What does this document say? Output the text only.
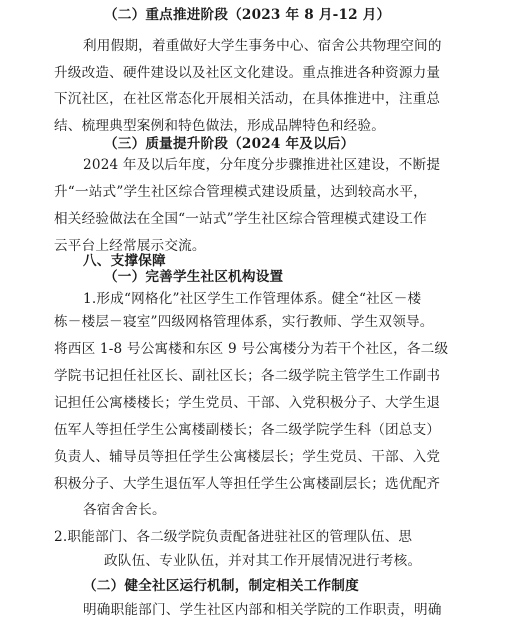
（二）重点推进阶段（2023 年 8 月-12 月）
利用假期，着重做好大学生事务中心、宿舍公共物理空间的
升级改造、硬件建设以及社区文化建设。重点推进各种资源力量
下沉社区，在社区常态化开展相关活动，在具体推进中，注重总
结、梳理典型案例和特色做法，形成品牌特色和经验。
（三）质量提升阶段（2024 年及以后）
2024 年及以后年度，分年度分步骤推进社区建设，不断提
升“一站式”学生社区综合管理模式建设质量，达到较高水平，
相关经验做法在全国“一站式”学生社区综合管理模式建设工作
云平台上经常展示交流。
八、支撑保障
（一）完善学生社区机构设置
1.形成“网格化”社区学生工作管理体系。健全“社区－楼
栋－楼层－寝室”四级网格管理体系，实行教师、学生双领导。
将西区 1-8 号公寓楼和东区 9 号公寓楼分为若干个社区，各二级
学院书记担任社区长、副社区长；各二级学院主管学生工作副书
记担任公寓楼楼长；学生党员、干部、入党积极分子、大学生退
伍军人等担任学生公寓楼副楼长；各二级学院学生科（团总支）
负责人、辅导员等担任学生公寓楼层长；学生党员、干部、入党
积极分子、大学生退伍军人等担任学生公寓楼副层长；选优配齐
各宿舍舍长。
2.职能部门、各二级学院负责配备进驻社区的管理队伍、思
政队伍、专业队伍，并对其工作开展情况进行考核。
（二）健全社区运行机制，制定相关工作制度
明确职能部门、学生社区内部和相关学院的工作职责，明确
